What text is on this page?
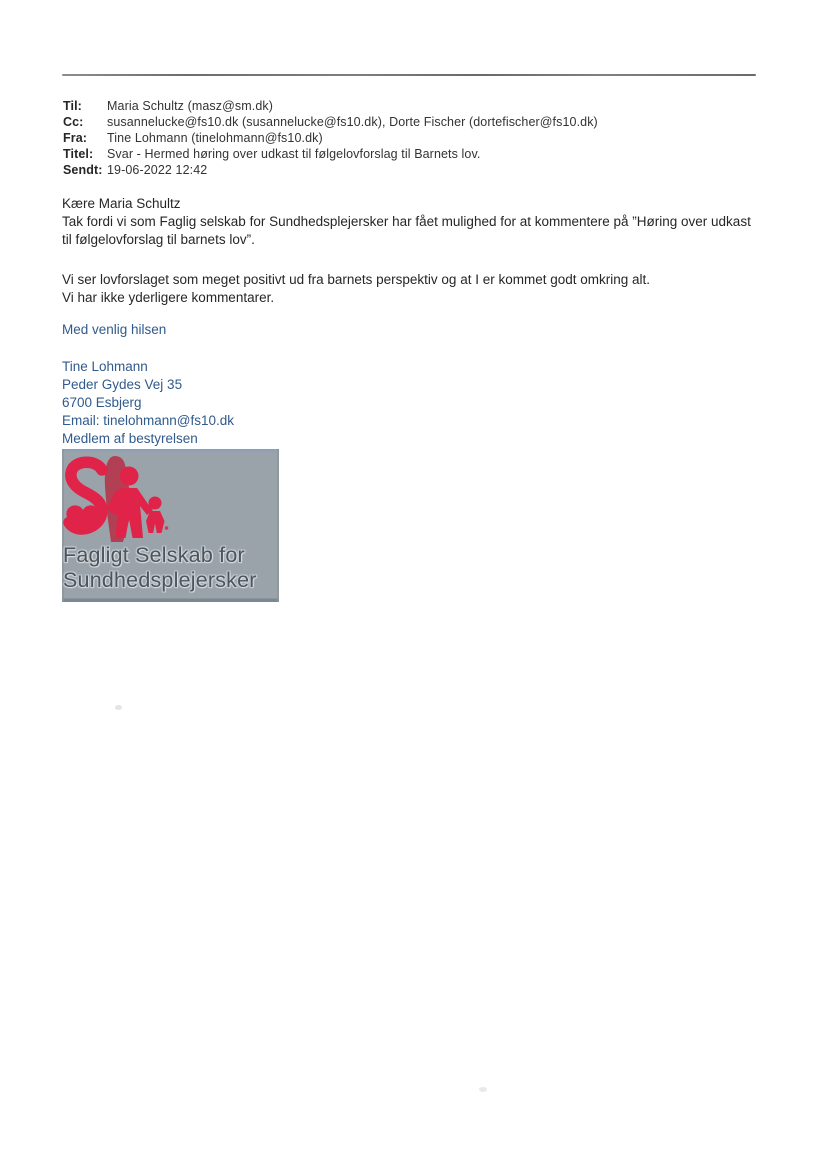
Til:	Maria Schultz (masz@sm.dk)
Cc:	susannelucke@fs10.dk (susannelucke@fs10.dk), Dorte Fischer (dortefischer@fs10.dk)
Fra:	Tine Lohmann (tinelohmann@fs10.dk)
Titel:	Svar - Hermed høring over udkast til følgelovforslag til Barnets lov.
Sendt: 19-06-2022 12:42
Kære Maria Schultz
Tak fordi vi som Faglig selskab for Sundhedsplejersker har fået mulighed for at kommentere på ”Høring over udkast
til følgelovforslag til barnets lov”.
Vi ser lovforslaget som meget positivt ud fra barnets perspektiv og at I er kommet godt omkring alt.
Vi har ikke yderligere kommentarer.
Med venlig hilsen
Tine Lohmann
Peder Gydes Vej 35
6700 Esbjerg
Email: tinelohmann@fs10.dk
Medlem af bestyrelsen
Fagligt Selskab for
Sundhedsplejersker
